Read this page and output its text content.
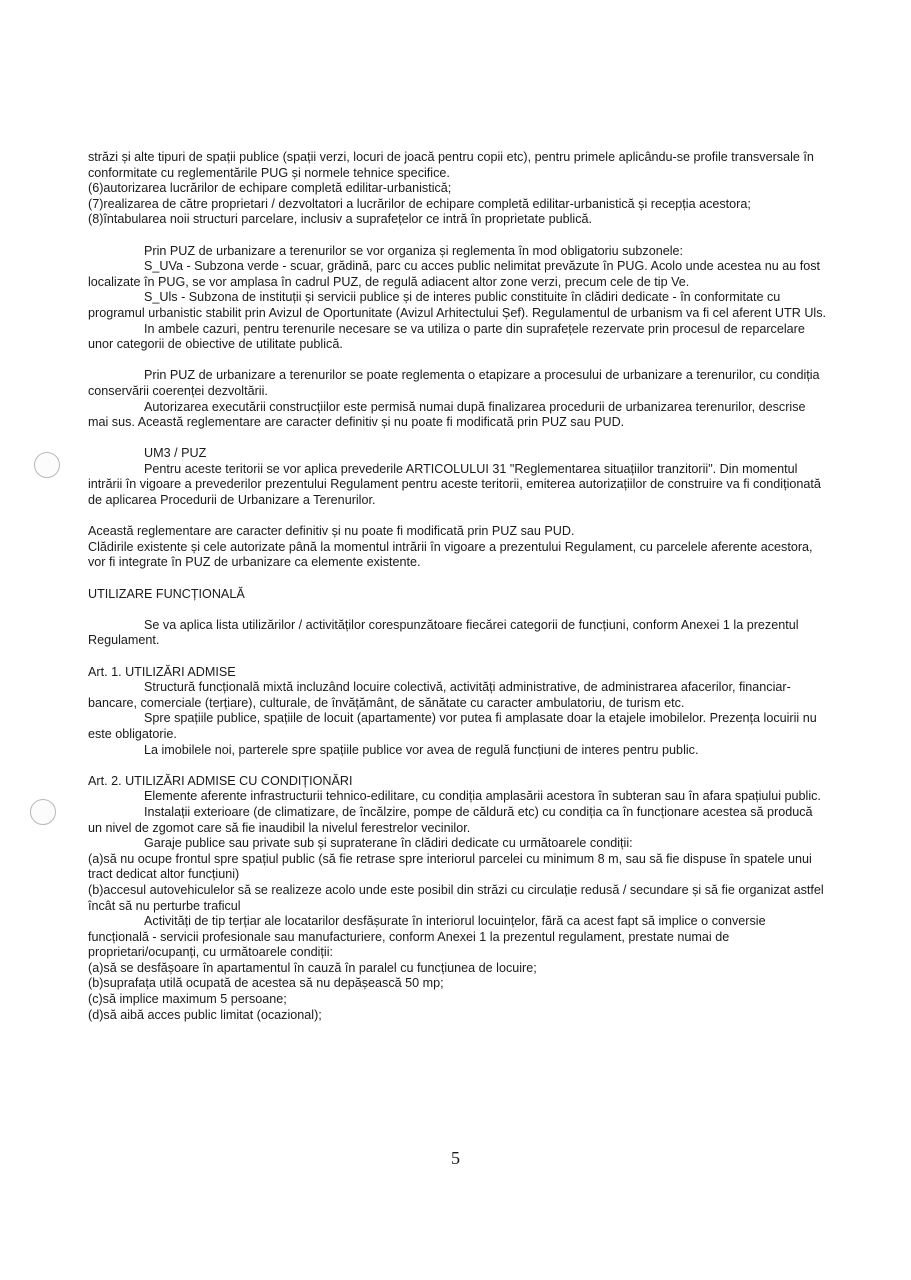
străzi și alte tipuri de spații publice (spații verzi, locuri de joacă pentru copii etc), pentru primele aplicându-se profile transversale în conformitate cu reglementările PUG și normele tehnice specifice.

(6)autorizarea lucrărilor de echipare completă edilitar-urbanistică;

(7)realizarea de către proprietari / dezvoltatori a lucrărilor de echipare completă edilitar-urbanistică și recepția acestora;

(8)întabularea noii structuri parcelare, inclusiv a suprafețelor ce intră în proprietate publică.

Prin PUZ de urbanizare a terenurilor se vor organiza și reglementa în mod obligatoriu subzonele:

S_UVa - Subzona verde - scuar, grădină, parc cu acces public nelimitat prevăzute în PUG. Acolo unde acestea nu au fost localizate în PUG, se vor amplasa în cadrul PUZ, de regulă adiacent altor zone verzi, precum cele de tip Ve.

S_Uls - Subzona de instituții și servicii publice și de interes public constituite în clădiri dedicate - în conformitate cu programul urbanistic stabilit prin Avizul de Oportunitate (Avizul Arhitectului Șef). Regulamentul de urbanism va fi cel aferent UTR Uls.

In ambele cazuri, pentru terenurile necesare se va utiliza o parte din suprafețele rezervate prin procesul de reparcelare unor categorii de obiective de utilitate publică.

Prin PUZ de urbanizare a terenurilor se poate reglementa o etapizare a procesului de urbanizare a terenurilor, cu condiția conservării coerenței dezvoltării.

Autorizarea executării construcțiilor este permisă numai după finalizarea procedurii de urbanizarea terenurilor, descrise mai sus. Această reglementare are caracter definitiv și nu poate fi modificată prin PUZ sau PUD.

UM3 / PUZ

Pentru aceste teritorii se vor aplica prevederile ARTICOLULUI 31 "Reglementarea situațiilor tranzitorii". Din momentul intrării în vigoare a prevederilor prezentului Regulament pentru aceste teritorii, emiterea autorizațiilor de construire va fi condiționată de aplicarea Procedurii de Urbanizare a Terenurilor.

Această reglementare are caracter definitiv și nu poate fi modificată prin PUZ sau PUD.

Clădirile existente și cele autorizate până la momentul intrării în vigoare a prezentului Regulament, cu parcelele aferente acestora, vor fi integrate în PUZ de urbanizare ca elemente existente.

UTILIZARE FUNCȚIONALĂ

Se va aplica lista utilizărilor / activităților corespunzătoare fiecărei categorii de funcțiuni, conform Anexei 1 la prezentul Regulament.

Art. 1. UTILIZĂRI ADMISE

Structură funcțională mixtă incluzând locuire colectivă, activități administrative, de administrarea afacerilor, financiar-bancare, comerciale (terțiare), culturale, de învățământ, de sănătate cu caracter ambulatoriu, de turism etc.

Spre spațiile publice, spațiile de locuit (apartamente) vor putea fi amplasate doar la etajele imobilelor. Prezența locuirii nu este obligatorie.

La imobilele noi, parterele spre spațiile publice vor avea de regulă funcțiuni de interes pentru public.

Art. 2. UTILIZĂRI ADMISE CU CONDIȚIONĂRI

Elemente aferente infrastructurii tehnico-edilitare, cu condiția amplasării acestora în subteran sau în afara spațiului public.

Instalații exterioare (de climatizare, de încălzire, pompe de căldură etc) cu condiția ca în funcționare acestea să producă un nivel de zgomot care să fie inaudibil la nivelul ferestrelor vecinilor.

Garaje publice sau private sub și supraterane în clădiri dedicate cu următoarele condiții:

(a)să nu ocupe frontul spre spațiul public (să fie retrase spre interiorul parcelei cu minimum 8 m, sau să fie dispuse în spatele unui tract dedicat altor funcțiuni)

(b)accesul autovehiculelor să se realizeze acolo unde este posibil din străzi cu circulație redusă / secundare și să fie organizat astfel încât să nu perturbe traficul

Activități de tip terțiar ale locatarilor desfășurate în interiorul locuințelor, fără ca acest fapt să implice o conversie funcțională - servicii profesionale sau manufacturiere, conform Anexei 1 la prezentul regulament, prestate numai de proprietari/ocupanți, cu următoarele condiții:

(a)să se desfășoare în apartamentul în cauză în paralel cu funcțiunea de locuire;

(b)suprafața utilă ocupată de acestea să nu depășească 50 mp;

(c)să implice maximum 5 persoane;

(d)să aibă acces public limitat (ocazional);

5
